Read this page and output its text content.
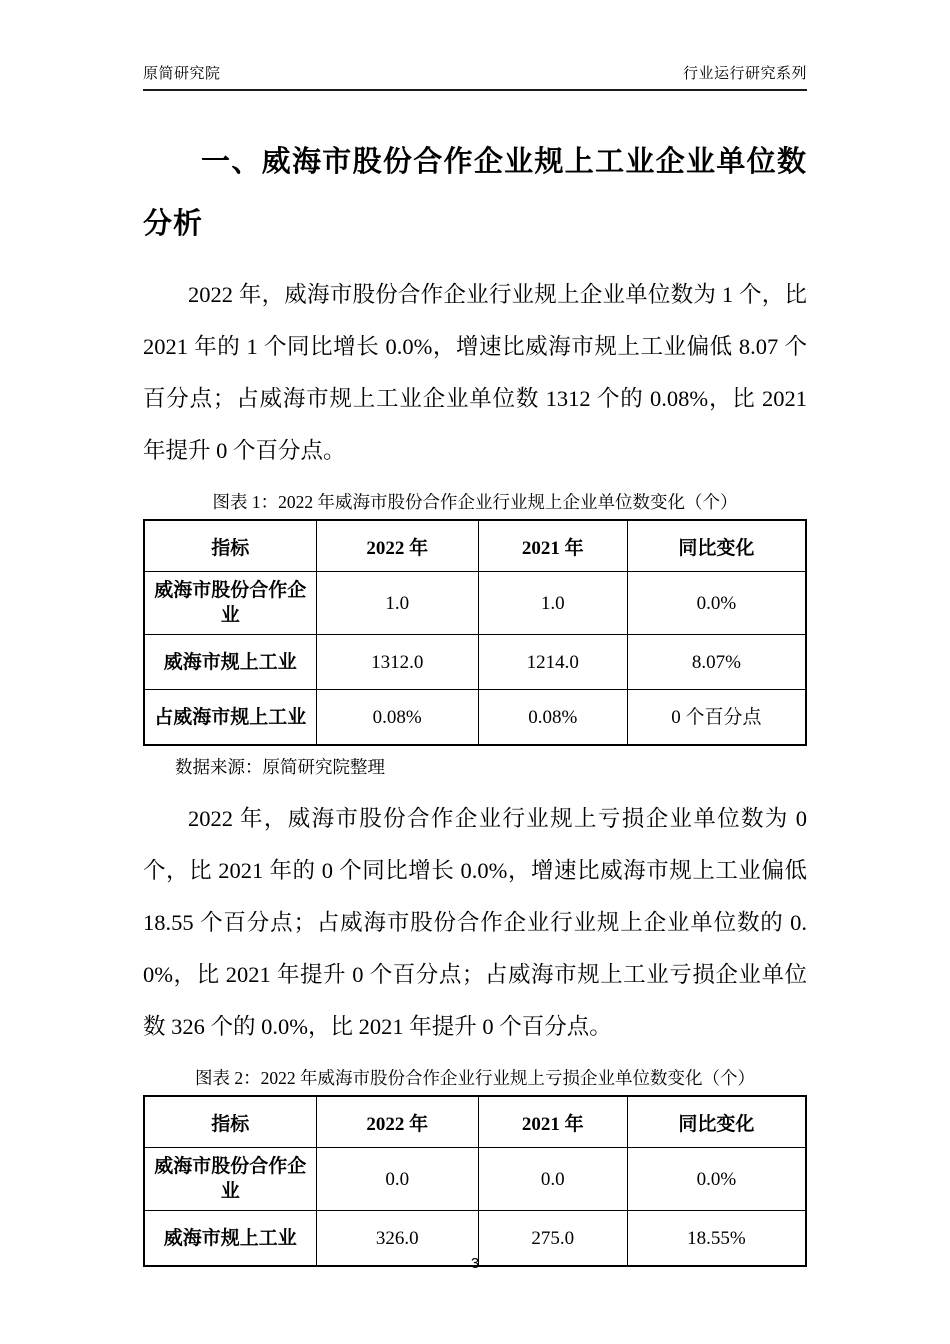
原简研究院	行业运行研究系列
一、威海市股份合作企业规上工业企业单位数分析

2022 年，威海市股份合作企业行业规上企业单位数为 1 个，比 2021 年的 1 个同比增长 0.0%，增速比威海市规上工业偏低 8.07 个百分点；占威海市规上工业企业单位数 1312 个的 0.08%，比 2021 年提升 0 个百分点。

图表 1：2022 年威海市股份合作企业行业规上企业单位数变化（个）
指标	2022 年	2021 年	同比变化
威海市股份合作企业	1.0	1.0	0.0%
威海市规上工业	1312.0	1214.0	8.07%
占威海市规上工业	0.08%	0.08%	0 个百分点
数据来源：原简研究院整理

2022 年，威海市股份合作企业行业规上亏损企业单位数为 0 个，比 2021 年的 0 个同比增长 0.0%，增速比威海市规上工业偏低 18.55 个百分点；占威海市股份合作企业行业规上企业单位数的 0.0%，比 2021 年提升 0 个百分点；占威海市规上工业亏损企业单位数 326 个的 0.0%，比 2021 年提升 0 个百分点。

图表 2：2022 年威海市股份合作企业行业规上亏损企业单位数变化（个）
指标	2022 年	2021 年	同比变化
威海市股份合作企业	0.0	0.0	0.0%
威海市规上工业	326.0	275.0	18.55%
3
